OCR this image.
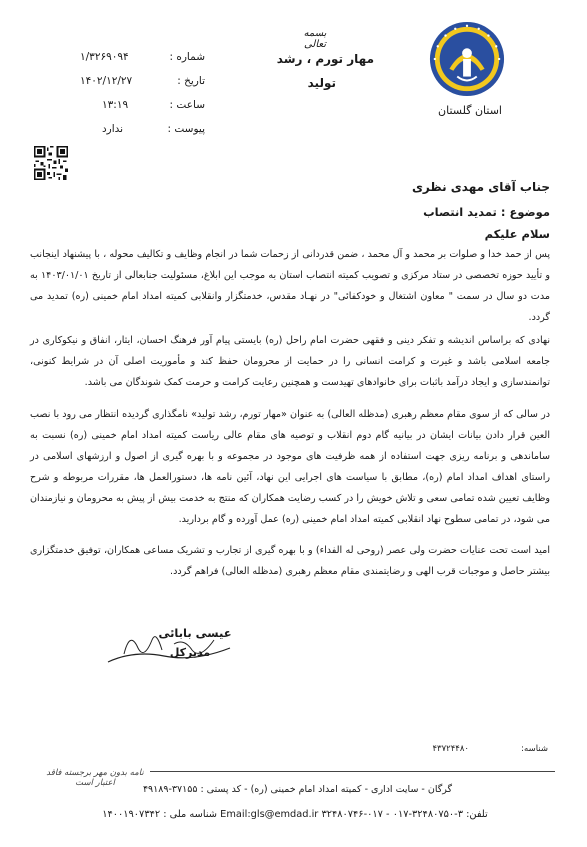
استان گلستان
بسمه تعالی
مهار تورم ، رشد
تولید
شماره :
۱/۳۲۶۹۰۹۴
تاریخ :
۱۴۰۲/۱۲/۲۷
ساعت :
۱۳:۱۹
پیوست :
ندارد
جناب آقای مهدی نظری
موضوع : تمدید انتصاب
سلام علیکم

پس از حمد خدا و صلوات بر محمد و آل محمد ، ضمن قدردانی از زحمات شما در انجام وظایف و تکالیف محوله ، با پیشنهاد اینجانب و تأیید حوزه تخصصی در ستاد مرکزی و تصویب کمیته انتصاب استان به موجب این ابلاغ، مسئولیت جنابعالی از تاریخ ۱۴۰۳/۰۱/۰۱ به مدت دو سال در سمت " معاون اشتغال و خودکفائی" در نهـاد مقدس، خدمتگزار وانقلابی کمیته امداد امام خمینی (ره) تمدید می گردد.

نهادی که براساس اندیشه و تفکر دینی و فقهی حضرت امام راحل (ره) بایستی پیام آور فرهنگ احسان، ایثار، انفاق و نیکوکاری در جامعه اسلامی باشد و غیرت و کرامت انسانی را در حمایت از محرومان حفظ کند و مأموریت اصلی آن در شرایط کنونی، توانمندسازی و ایجاد درآمد باثبات برای خانوادهای تهیدست و همچنین رعایت کرامت و حرمت کمک شوندگان می باشد.

در سالی که از سوی مقام معظم رهبری (مدظله العالی) به عنوان «مهار تورم، رشد تولید» نامگذاری گردیده انتظار می رود با نصب العین قرار دادن بیانات ایشان در بیانیه گام دوم انقلاب و توصیه های مقام عالی ریاست کمیته امداد امام خمینی (ره) نسبت به ساماندهی و برنامه ریزی جهت استفاده از همه ظرفیت های موجود در مجموعه و با بهره گیری از اصول و ارزشهای اسلامی در راستای اهداف امداد امام (ره)، مطابق با سیاست های اجرایی این نهاد، آئین نامه ها، دستورالعمل ها، مقررات مربوطه و شرح وظایف تعیین شده تمامی سعی و تلاش خویش را در کسب رضایت همکاران که منتج به خدمت بیش از پیش به محرومان و نیازمندان می شود، در تمامی سطوح نهاد انقلابی کمیته امداد امام خمینی (ره) عمل آورده و گام بردارید.

امید است تحت عنایات حضرت ولی عصر (روحی له الفداء) و با بهره گیری از تجارب و تشریک مساعی همکاران، توفیق خدمتگزاری بیشتر حاصل و موجبات قرب الهی و رضایتمندی مقام معظم رهبری (مدظله العالی) فراهم گردد.

عیسی بابائی
مدیرکل
شناسه:
۴۳۷۲۴۴۸۰
نامه بدون مهر برجسته فاقد اعتبار است
گرگان - سایت اداری - کمیته امداد امام خمینی (ره) - کد پستی : ۳۷۱۵۵-۴۹۱۸۹
تلفن: ۳-۳۲۴۸۰۷۵۰-۰۱۷ - ۰۱۷-۳۲۴۸۰۷۴۶ Email:gls@emdad.ir شناسه ملی : ۱۴۰۰۱۹۰۷۳۴۲
